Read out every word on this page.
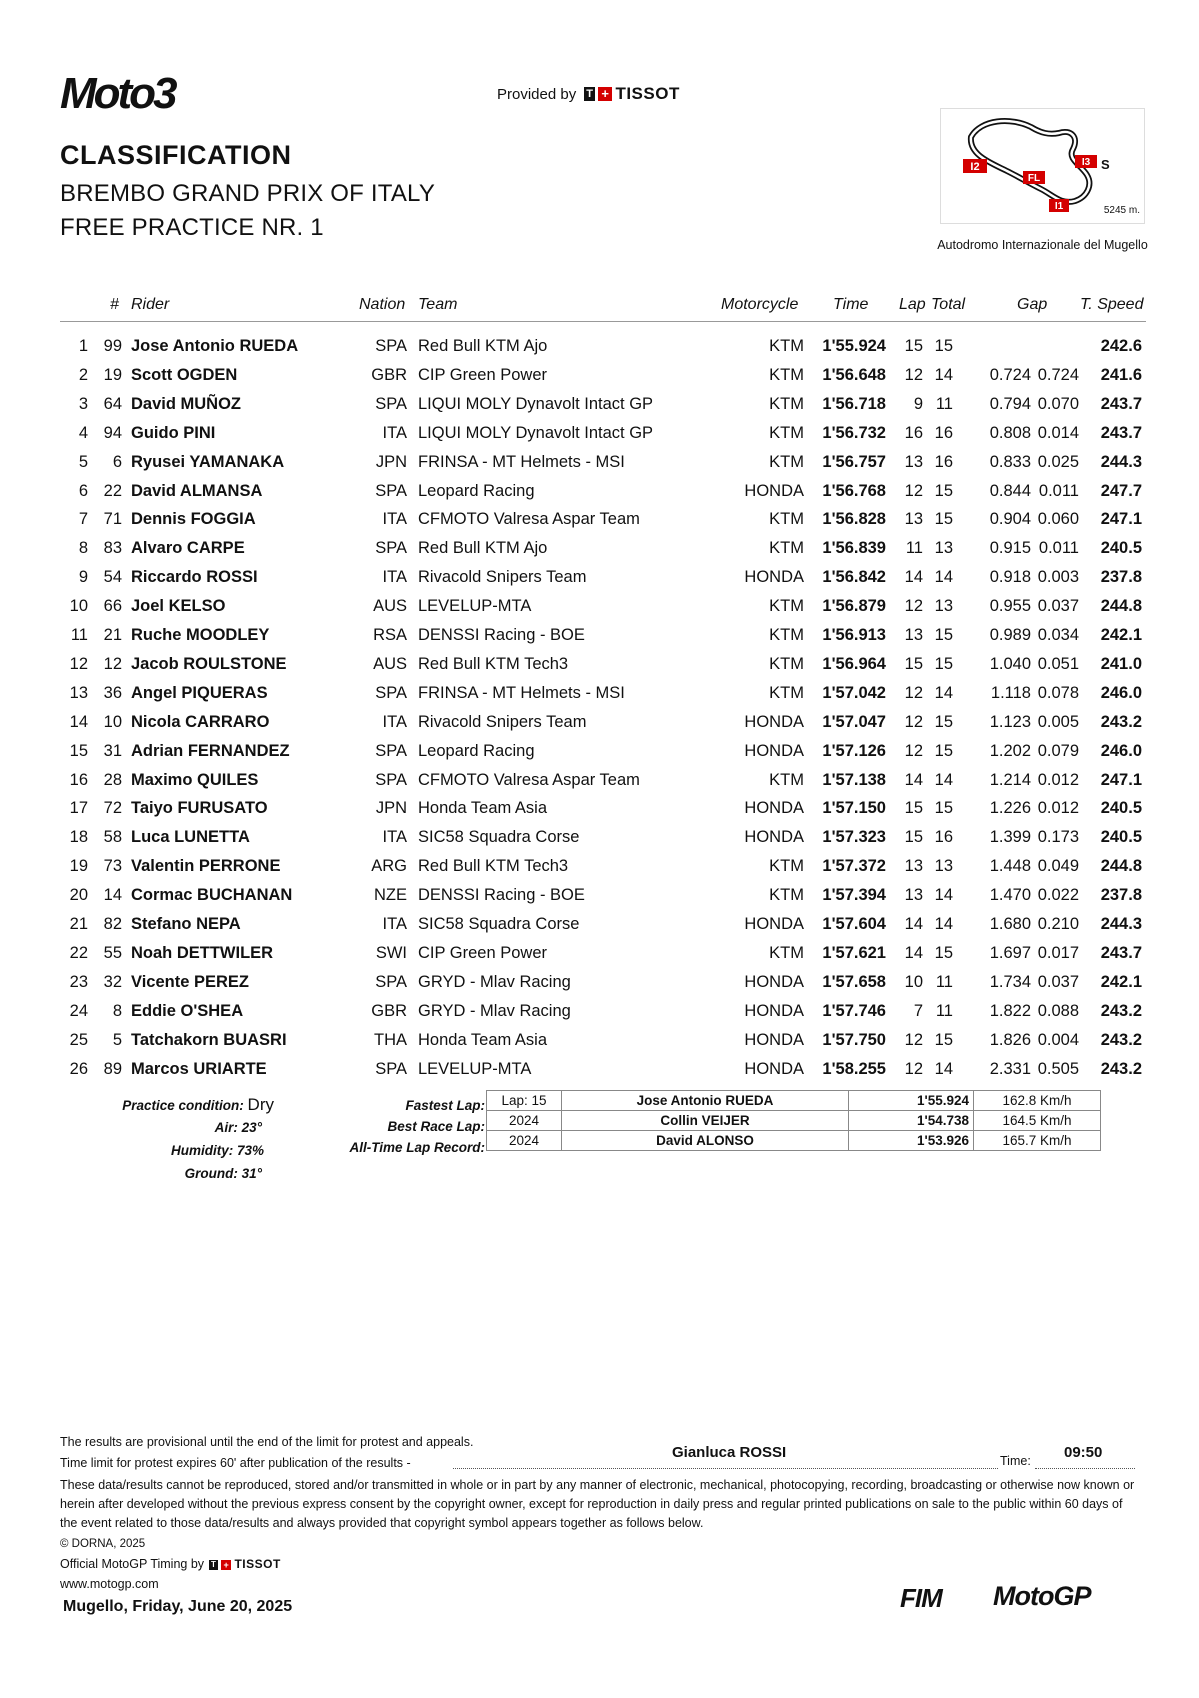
Moto3	Provided by T + TISSOT
CLASSIFICATION
BREMBO GRAND PRIX OF ITALY
FREE PRACTICE NR. 1
I2
FL
I3 S
I1	5245 m.
Autodromo Internazionale del Mugello
# Rider	Nation Team	Motorcycle Time Lap Total	Gap T. Speed
1 99 Jose Antonio RUEDA	SPA Red Bull KTM Ajo	KTM 1'55.924 15 15	242.6
2 19 Scott OGDEN	GBR CIP Green Power	KTM 1'56.648 12 14 0.724 0.724 241.6
3 64 David MUÑOZ	SPA LIQUI MOLY Dynavolt Intact GP	KTM 1'56.718 9 11 0.794 0.070 243.7
4 94 Guido PINI	ITA LIQUI MOLY Dynavolt Intact GP	KTM 1'56.732 16 16 0.808 0.014 243.7
5 6 Ryusei YAMANAKA	JPN FRINSA - MT Helmets - MSI	KTM 1'56.757 13 16 0.833 0.025 244.3
6 22 David ALMANSA	SPA Leopard Racing	HONDA 1'56.768 12 15 0.844 0.011 247.7
7 71 Dennis FOGGIA	ITA CFMOTO Valresa Aspar Team	KTM 1'56.828 13 15 0.904 0.060 247.1
8 83 Alvaro CARPE	SPA Red Bull KTM Ajo	KTM 1'56.839 11 13 0.915 0.011 240.5
9 54 Riccardo ROSSI	ITA Rivacold Snipers Team	HONDA 1'56.842 14 14 0.918 0.003 237.8
10 66 Joel KELSO	AUS LEVELUP-MTA	KTM 1'56.879 12 13 0.955 0.037 244.8
11 21 Ruche MOODLEY	RSA DENSSI Racing - BOE	KTM 1'56.913 13 15 0.989 0.034 242.1
12 12 Jacob ROULSTONE	AUS Red Bull KTM Tech3	KTM 1'56.964 15 15 1.040 0.051 241.0
13 36 Angel PIQUERAS	SPA FRINSA - MT Helmets - MSI	KTM 1'57.042 12 14 1.118 0.078 246.0
14 10 Nicola CARRARO	ITA Rivacold Snipers Team	HONDA 1'57.047 12 15 1.123 0.005 243.2
15 31 Adrian FERNANDEZ	SPA Leopard Racing	HONDA 1'57.126 12 15 1.202 0.079 246.0
16 28 Maximo QUILES	SPA CFMOTO Valresa Aspar Team	KTM 1'57.138 14 14 1.214 0.012 247.1
17 72 Taiyo FURUSATO	JPN Honda Team Asia	HONDA 1'57.150 15 15 1.226 0.012 240.5
18 58 Luca LUNETTA	ITA SIC58 Squadra Corse	HONDA 1'57.323 15 16 1.399 0.173 240.5
19 73 Valentin PERRONE	ARG Red Bull KTM Tech3	KTM 1'57.372 13 13 1.448 0.049 244.8
20 14 Cormac BUCHANAN	NZE DENSSI Racing - BOE	KTM 1'57.394 13 14 1.470 0.022 237.8
21 82 Stefano NEPA	ITA SIC58 Squadra Corse	HONDA 1'57.604 14 14 1.680 0.210 244.3
22 55 Noah DETTWILER	SWI CIP Green Power	KTM 1'57.621 14 15 1.697 0.017 243.7
23 32 Vicente PEREZ	SPA GRYD - Mlav Racing	HONDA 1'57.658 10 11 1.734 0.037 242.1
24 8 Eddie O'SHEA	GBR GRYD - Mlav Racing	HONDA 1'57.746 7 11 1.822 0.088 243.2
25 5 Tatchakorn BUASRI	THA Honda Team Asia	HONDA 1'57.750 12 15 1.826 0.004 243.2
26 89 Marcos URIARTE	SPA LEVELUP-MTA	HONDA 1'58.255 12 14 2.331 0.505 243.2
Practice condition: Dry
Air: 23°
Humidity: 73%
Ground: 31°
Fastest Lap:
Best Race Lap:
All-Time Lap Record:
Lap: 15	Jose Antonio RUEDA	1'55.924	162.8 Km/h
2024	Collin VEIJER	1'54.738	164.5 Km/h
2024	David ALONSO	1'53.926	165.7 Km/h
The results are provisional until the end of the limit for protest and appeals.
Time limit for protest expires 60' after publication of the results -
Gianluca ROSSI	Time: 09:50
These data/results cannot be reproduced, stored and/or transmitted in whole or in part by any manner of electronic, mechanical, photocopying, recording, broadcasting or otherwise now known or herein after developed without the previous express consent by the copyright owner, except for reproduction in daily press and regular printed publications on sale to the public within 60 days of the event related to those data/results and always provided that copyright symbol appears together as follows below.
© DORNA, 2025
Official MotoGP Timing by T + TISSOT
www.motogp.com
Mugello, Friday, June 20, 2025	FIM MotoGP
